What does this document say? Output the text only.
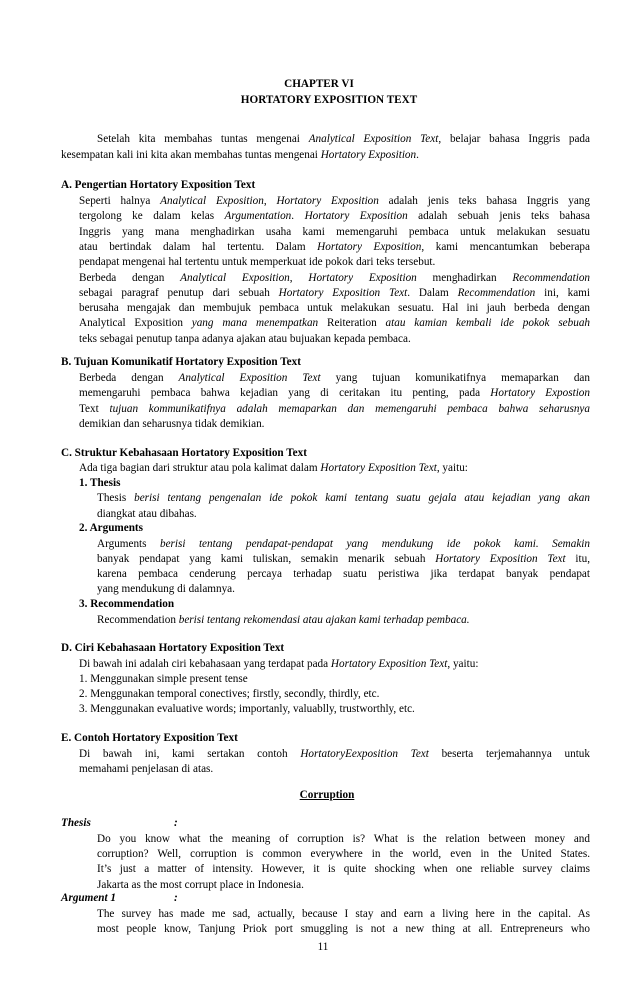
CHAPTER VI
HORTATORY EXPOSITION TEXT
Setelah kita membahas tuntas mengenai Analytical Exposition Text, belajar bahasa Inggris pada
kesempatan kali ini kita akan membahas tuntas mengenai Hortatory Exposition.
A. Pengertian Hortatory Exposition Text
Seperti halnya Analytical Exposition, Hortatory Exposition adalah jenis teks bahasa Inggris yang
tergolong ke dalam kelas Argumentation. Hortatory Exposition adalah sebuah jenis teks bahasa
Inggris yang mana menghadirkan usaha kami memengaruhi pembaca untuk melakukan sesuatu
atau bertindak dalam hal tertentu. Dalam Hortatory Exposition, kami mencantumkan beberapa
pendapat mengenai hal tertentu untuk memperkuat ide pokok dari teks tersebut.
Berbeda dengan Analytical Exposition, Hortatory Exposition menghadirkan Recommendation
sebagai paragraf penutup dari sebuah Hortatory Exposition Text. Dalam Recommendation ini, kami
berusaha mengajak dan membujuk pembaca untuk melakukan sesuatu. Hal ini jauh berbeda dengan
Analytical Exposition yang mana menempatkan Reiteration atau kamian kembali ide pokok sebuah
teks sebagai penutup tanpa adanya ajakan atau bujuakan kepada pembaca.
B. Tujuan Komunikatif Hortatory Exposition Text
Berbeda dengan Analytical Exposition Text yang tujuan komunikatifnya memaparkan dan
memengaruhi pembaca bahwa kejadian yang di ceritakan itu penting, pada Hortatory Expostion
Text tujuan kommunikatifnya adalah memaparkan dan memengaruhi pembaca bahwa seharusnya
demikian dan seharusnya tidak demikian.
C. Struktur Kebahasaan Hortatory Exposition Text
Ada tiga bagian dari struktur atau pola kalimat dalam Hortatory Exposition Text, yaitu:
1. Thesis
Thesis berisi tentang pengenalan ide pokok kami tentang suatu gejala atau kejadian yang akan
diangkat atau dibahas.
2. Arguments
Arguments berisi tentang pendapat-pendapat yang mendukung ide pokok kami. Semakin
banyak pendapat yang kami tuliskan, semakin menarik sebuah Hortatory Exposition Text itu,
karena pembaca cenderung percaya terhadap suatu peristiwa jika terdapat banyak pendapat
yang mendukung di dalamnya.
3. Recommendation
Recommendation berisi tentang rekomendasi atau ajakan kami terhadap pembaca.
D. Ciri Kebahasaan Hortatory Exposition Text
Di bawah ini adalah ciri kebahasaan yang terdapat pada Hortatory Exposition Text, yaitu:
1. Menggunakan simple present tense
2. Menggunakan temporal conectives; firstly, secondly, thirdly, etc.
3. Menggunakan evaluative words; importanly, valuablly, trustworthly, etc.
E. Contoh Hortatory Exposition Text
Di bawah ini, kami sertakan contoh HortatoryEexposition Text beserta terjemahannya untuk
memahami penjelasan di atas.
Do you know what the meaning of corruption is? What is the relation between money and
corruption? Well, corruption is common everywhere in the world, even in the United States.
It’s just a matter of intensity. However, it is quite shocking when one reliable survey claims
Jakarta as the most corrupt place in Indonesia.
The survey has made me sad, actually, because I stay and earn a living here in the capital. As
most people know, Tanjung Priok port smuggling is not a new thing at all. Entrepreneurs who
Corruption
Thesis	:
Argument 1	:
11
